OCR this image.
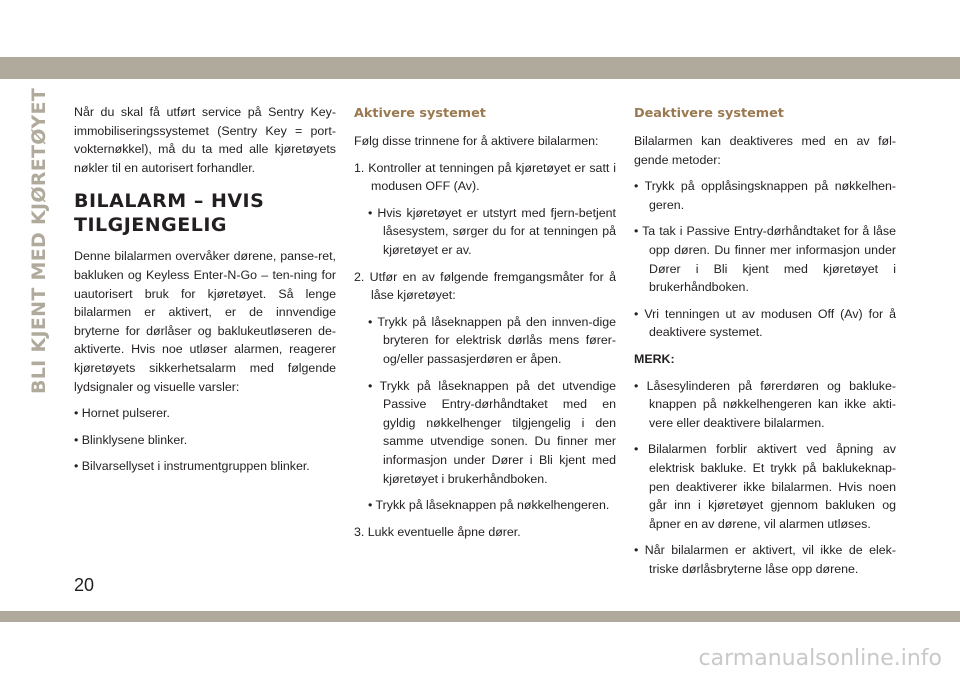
BLI KJENT MED KJØRETØYET Når du skal få utført service på Sentry Key-immobiliseringssystemet (Sentry Key = port-vokternøkkel), må du ta med alle kjøretøyets nøkler til en autorisert forhandler.

BILALARM – HVIS TILGJENGELIG

Denne bilalarmen overvåker dørene, panse-ret, bakluken og Keyless Enter-N-Go – ten-ning for uautorisert bruk for kjøretøyet. Så lenge bilalarmen er aktivert, er de innvendige bryterne for dørlåser og baklukeutløseren de-aktiverte. Hvis noe utløser alarmen, reagerer kjøretøyets sikkerhetsalarm med følgende lydsignaler og visuelle varsler:

• Hornet pulserer.
• Blinklysene blinker.
• Bilvarsellyset i instrumentgruppen blinker.
Aktivere systemet

Følg disse trinnene for å aktivere bilalarmen:

1. Kontroller at tenningen på kjøretøyet er satt i modusen OFF (Av).
• Hvis kjøretøyet er utstyrt med fjern-betjent låsesystem, sørger du for at tenningen på kjøretøyet er av.
2. Utfør en av følgende fremgangsmåter for å låse kjøretøyet:
• Trykk på låseknappen på den innven-dige bryteren for elektrisk dørlås mens fører- og/eller passasjerdøren er åpen.
• Trykk på låseknappen på det utvendige Passive Entry-dørhåndtaket med en gyldig nøkkelhenger tilgjengelig i den samme utvendige sonen. Du finner mer informasjon under Dører i Bli kjent med kjøretøyet i brukerhåndboken.
• Trykk på låseknappen på nøkkelhengeren.
3. Lukk eventuelle åpne dører.
Deaktivere systemet

Bilalarmen kan deaktiveres med en av føl-gende metoder:

• Trykk på opplåsingsknappen på nøkkelhen-geren.
• Ta tak i Passive Entry-dørhåndtaket for å låse opp døren. Du finner mer informasjon under Dører i Bli kjent med kjøretøyet i brukerhåndboken.
• Vri tenningen ut av modusen Off (Av) for å deaktivere systemet.
MERK:
• Låsesylinderen på førerdøren og bakluke-knappen på nøkkelhengeren kan ikke akti-vere eller deaktivere bilalarmen.
• Bilalarmen forblir aktivert ved åpning av elektrisk bakluke. Et trykk på baklukeknap-pen deaktiverer ikke bilalarmen. Hvis noen går inn i kjøretøyet gjennom bakluken og åpner en av dørene, vil alarmen utløses.
• Når bilalarmen er aktivert, vil ikke de elek-triske dørlåsbryterne låse opp dørene.
20
carmanualsonline.info
